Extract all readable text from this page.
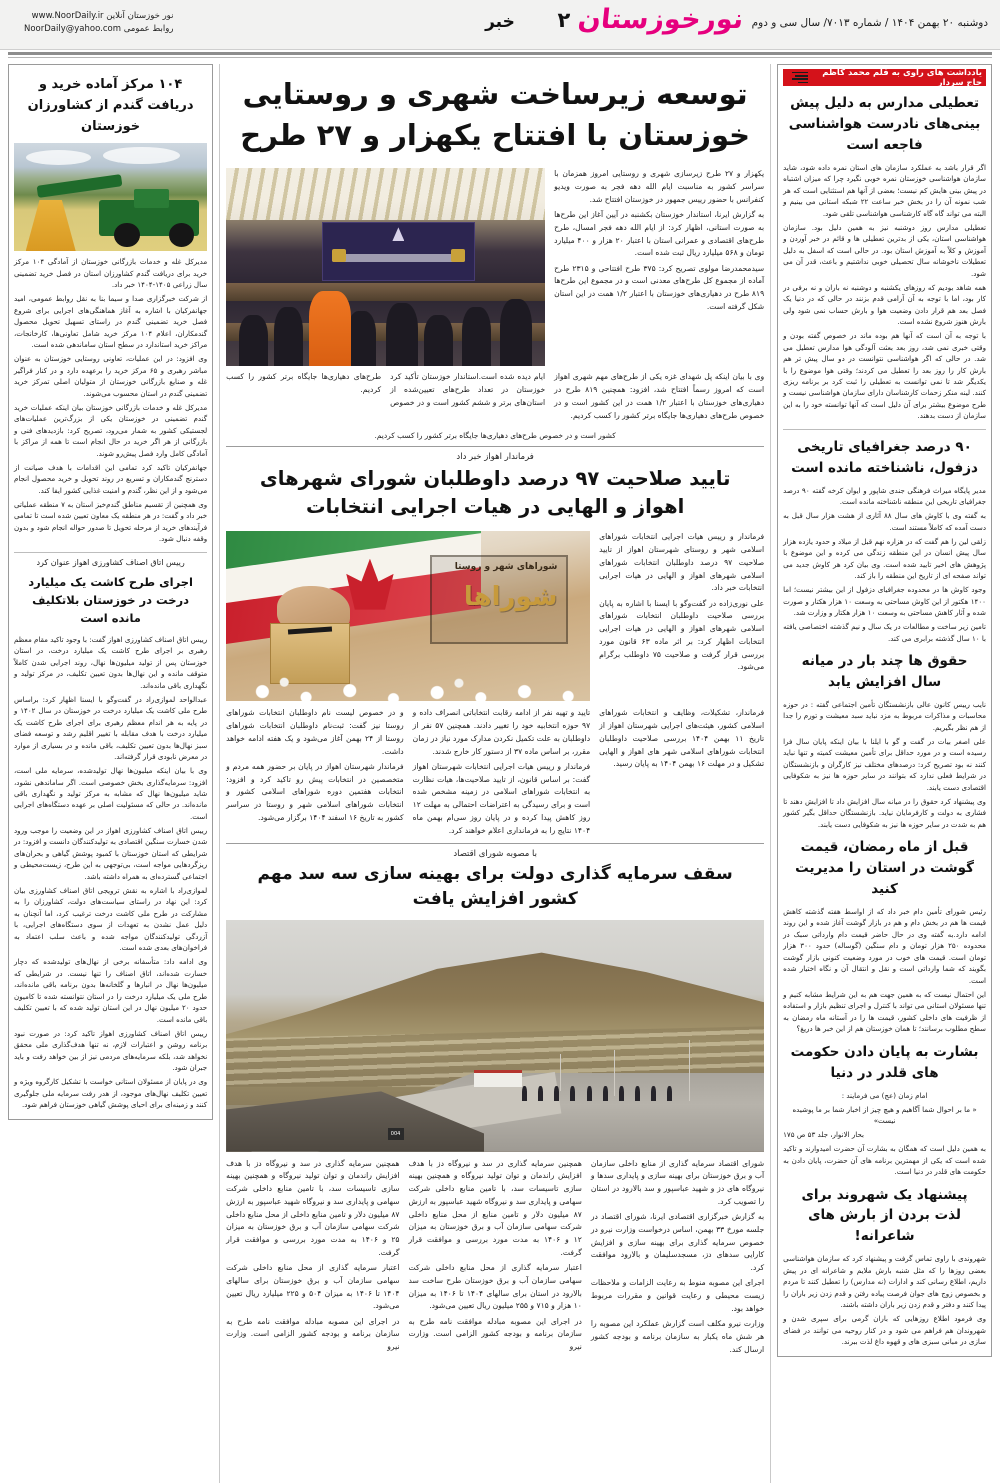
نور خوزستان آنلاین www.NoorDaily.ir
روابط عمومی NoorDaily@yahoo.com	خبر	دوشنبه ۲۰ بهمن ۱۴۰۴ / شماره ۷۰۱۳/ سال سی و دوم
نورخوزستان
۲
یادداشت های راوی به قلم محمد کاظم حاج سردار
تعطیلی مدارس به دلیل پیش بینی‌های نادرست هواشناسی فاجعه است

اگر قرار باشد به عملکرد سازمان های استان نمره داده شود، شاید سازمان هواشناسی خوزستان نمره خوبی نگیرد چرا که میزان اشتباه در پیش بینی هایش کم نیست؛ بعضی از آنها هم استثنایی است که هر شب نمونه آن را در بخش خبر ساعت ۲۲ شبکه استانی می بینیم و البته می تواند گاه گاه کارشناسی هواشناسی تلقی شود.

تعطیلی مدارس روز دوشنبه نیز به همین دلیل بود. سازمان هواشناسی استان، یکی از بدترین تعطیلی ها و قائم در خبر آوردن و آموزش و کلاً به آموزش استان بود. در حالی است که اسفل به دلیل تعطیلات ناخوشانه سال تحصیلی خوبی نداشتیم و باعث، قدر آن می شود.

همه شاهد بودیم که روزهای یکشنبه و دوشنبه نه باران و نه برفی در کار بود، اما با توجه به آن آرامی قدم بزنند در حالی که در دنیا یک فصل بعد هم قرار دادن وضعیت هوا و بارش حساب نمی شود ولی بارش هنوز شروع نشده است.

با توجه به آن است که آنها هم بوده ماند در خصوص گفته بودن و وقتی خبری نمی شد، روز بعد بعثت آلودگی هوا مدارس تعطیل می شد. در حالی که اگر هواشناسی نتوانست در دو سال پیش تر هم بارش کار را روز بعد را تعطیل می کردند؛ وقتی هوا موضوع را با یکدیگر شد تا نمی توانست به تعطیلی را ثبت کرد بر برنامه ریزی کنند. لینه منکر زحمات کارشناسان دارای سازمان هواشناسی نیست و طرح موضوع بیشتر برای آن دلیل است که آنها توانسته خود را به این سازمان از دست بدهند.

۹۰ درصد جغرافیای تاریخی دزفول، ناشناخته مانده است

مدیر پایگاه میراث فرهنگی جندی شاپور و ایوان کرخه گفته ۹۰ درصد جغرافیای تاریخی این منطقه ناشناخته مانده است.

به گفته وی با کاوش های سال ۸۸ آثاری از هشت هزار سال قبل به دست آمده که کاملاً مستند است.

زلقی لین را هم گفت که در هزاره نهم قبل از میلاد و حدود یازده هزار سال پیش انسان در این منطقه زندگی می کرده و این موضوع با پژوهش های اخیر تایید شده است. وی بیان کرد هر کاوش جدید می تواند صفحه ای از تاریخ این منطقه را باز کند.

وجود کاوش ها در محدوده جغرافیای دزفول از این بیشتر نیست؛ اما ۱۴۰۰ هکتور از این کاوش مساحتی به وسعت ۱۰ هزار هکتار و صورت شده و آثار کاهش مساحتی به وسعت ۱۰ هزار هکتار و وزارت شد.

تامین زیر ساخت و مطالعات در یک سال و نیم گذشته اختصاصی یافته با ۱۰ سال گذشته برابری می کند.

حقوق ها چند بار در میانه سال افزایش یابد

نایب رییس کانون عالی بازنشستگان تأمین اجتماعی گفته : در حوزه محاسبات و مذاکرات مربوط به مزد نباید سبد معیشت و تورم را جدا از هم نظر بگیریم.

علی اصغر بیات در گفت و گو با ایلنا با بیان اینکه پایان سال فرا رسیده است و در مورد حداقل برای تأمین معیشت کمیته و تنها نباید کنند نه بود تصریح کرد: درصدهای مختلف نیز کارگران و بازنشستگان در شرایط فعلی ندارد که بتوانند در سایر حوزه ها نیز به شکوفایی اقتصادی دست یابند.

وی پیشنهاد کرد حقوق را در میانه سال افزایش داد تا افزایش دهند تا فشاری به دولت و کارفرمایان نیاید. بازنشستگان حداقل بگیر کشور هم به شدت در سایر حوزه ها نیز به شکوفایی دست یابند.

قبل از ماه رمضان، قیمت گوشت در استان را مدیریت کنید

رئیس شورای تأمین دام خبر داد که از اواسط هفته گذشته کاهش قیمت ها هم در بخش دام و هم در بازار گوشت آغاز شده و این روند ادامه دارد.به گفته وی در حال حاضر قیمت دام وارداتی سبک در محدوده ۲۵۰ هزار تومان و دام سنگین (گوساله) حدود ۳۰۰ هزار تومان است. قیمت های خوب در مورد وضعیت کنونی بازار گوشت بگویند که شما وارداتی است و نقل و انتقال آن و نگاه اختیار شده است.

این احتمال نیست که به همین جهت هم به این شرایط مشابه کنیم و تنها مسئولان استانی می تواند با کنترل و اجرای تنظیم بازار و استفاده از ظرفیت های داخلی کشور، قیمت ها را در آستانه ماه رمضان به سطح مطلوب برسانند؛ تا همان خوزستان هم از این خبر ها دریغ؟

بشارت به پایان دادن حکومت های قلدر در دنیا

امام زمان (عج) می فرمایند :

« ما بر احوال شما آگاهیم و هیچ چیز از اخبار شما بر ما پوشیده نیست»

بحار الانوار، جلد ۵۳ ص ۱۷۵

به همین دلیل است که همگان به بشارت آن حضرت امیدوارند و تاکید شده است که یکی از مهمترین برنامه های آن حضرت، پایان دادن به حکومت های قلدر در دنیا است.

پیشنهاد یک شهروند برای لذت بردن از بارش های شاعرانه!

شهروندی با راوی تماس گرفت و پیشنهاد کرد که سازمان هواشناسی بعضی روزها را که مثل شنبه بارش ملایم و شاعرانه ای در پیش داریم، اطلاع رسانی کند و ادارات (نه مدارس) را تعطیل کنند تا مردم و بخصوص زوج های جوان فرصت پیاده رفتن و قدم زدن زیر باران را پیدا کنند و دفتر و قدم زدن زیر باران داشته باشند.

وی فرمود اطلاع روزهایی که باران گرمی برای سپری شدن و شهروندان هم فراهم می شود و در کنار روحیه می توانند در فضای سازی در مبانی سبزی های و قهوه داغ لذت ببرند.

توسعه زیرساخت شهری و روستایی خوزستان با افتتاح یکهزار و ۲۷ طرح

یکهزار و ۲۷ طرح زیرسازی شهری و روستایی امروز همزمان با سراسر کشور به مناسبت ایام الله دهه فجر به صورت ویدیو کنفرانس با حضور رییس جمهور در خوزستان افتتاح شد.

به گزارش ایرنا، استاندار خوزستان بکشنبه در آیین آغاز این طرح‌ها به صورت استانی، اظهار کرد: از ایام الله دهه فجر امسال، طرح طرح‌های اقتصادی و عمرانی استان با اعتبار ۲۰ هزار و ۴۰۰ میلیارد تومان و ۵۶۸ میلیارد ریال ثبت شده است.

سیدمحمدرضا مولوی تصریح کرد: ۳۷۵ طرح افتتاحی و ۲۳۱۵ طرح آماده از مجموع کل طرح‌های معدنی است و در مجموع این طرح‌ها ۸۱۹ طرح در دهیاری‌های خوزستان با اعتبار ۱/۲ همت در این استان شکل گرفته است.

وی با بیان اینکه پل شهدای غزه یکی از طرح‌های مهم شهری اهواز است که امروز رسماً افتتاح شد، افزود: همچنین ۸۱۹ طرح در دهیاری‌های خوزستان با اعتبار ۱/۲ همت در این کشور است و در خصوص طرح‌های دهیاری‌ها جایگاه برتر کشور را کسب کردیم.

ایام دیده شده است.استاندار خوزستان تأکید کرد خوزستان در تعداد طرح‌های تعیین‌شده از استان‌های برتر و ششم کشور است و در خصوص طرح‌های دهیاری‌ها جایگاه برتر کشور را کسب کردیم.

کشور است و در خصوص طرح‌های دهیاری‌ها جایگاه برتر کشور را کسب کردیم.
فرماندار اهواز خبر داد
تایید صلاحیت ۹۷ درصد داوطلبان شورای شهرهای اهواز و الهایی در هیات اجرایی انتخابات

فرماندار و رییس هیات اجرایی انتخابات شوراهای اسلامی شهر و روستای شهرستان اهواز از تایید صلاحیت ۹۷ درصد داوطلبان انتخابات شوراهای اسلامی شهرهای اهواز و الهایی در هیات اجرایی انتخابات خبر داد.

علی نوری‌زاده در گفت‌وگو با ایسنا با اشاره به پایان بررسی صلاحیت داوطلبان انتخابات شوراهای اسلامی شهرهای اهواز و الهایی در هیات اجرایی انتخابات اظهار کرد: بر اثر ماده ۶۳ قانون مورد بررسی قرار گرفت و صلاحیت ۷۵ داوطلب برگرام می‌شود.

شوراهای شهر و روستا
شوراها

فرماندار، تشکیلات، وظایف و انتخابات شوراهای اسلامی کشور، هیئت‌های اجرایی شهرستان اهواز از تاریخ ۱۱ بهمن ۱۴۰۴ بررسی صلاحیت داوطلبان انتخابات شوراهای اسلامی شهر های اهواز و الهایی تشکیل و در مهلت ۱۶ بهمن ۱۴۰۴ به پایان رسید.

تایید و تهیه نفر از ادامه رقابت انتخاباتی انصراف داده و ۹۷ حوزه انتخابیه خود را تغییر دادند. همچنین ۵۷ نفر از داوطلبان به علت تکمیل نکردن مدارک مورد نیاز در زمان مقرر، بر اساس ماده ۳۷ از دستور کار خارج شدند.

فرماندار و رییس هیات اجرایی انتخابات شهرستان اهواز گفت: بر اساس قانون، از تایید صلاحیت‌ها، هیات نظارت به انتخابات شوراهای اسلامی در زمینه مشخص شده است و برای رسیدگی به اعتراضات احتمالی به مهلت ۱۲ روز کاهش پیدا کرده و در پایان روز سی‌ام بهمن ماه ۱۴۰۴ نتایج را به فرمانداری اعلام خواهند کرد.

و در خصوص لیست نام داوطلبان انتخابات شوراهای روستا نیز گفت: ثبت‌نام داوطلبان انتخابات شوراهای روستا از ۲۴ بهمن آغاز می‌شود و یک هفته ادامه خواهد داشت.

فرماندار شهرستان اهواز در پایان بر حضور همه مردم و متخصصین در انتخابات پیش رو تاکید کرد و افزود: انتخابات هفتمین دوره شوراهای اسلامی کشور و انتخابات شوراهای اسلامی شهر و روستا در سراسر کشور به تاریخ ۱۶ اسفند ۱۴۰۴ برگزار می‌شود.

با مصوبه شورای اقتصاد
سقف سرمایه گذاری دولت برای بهینه سازی سه سد مهم کشور افزایش یافت
004

شورای اقتصاد سرمایه گذاری از منابع داخلی سازمان آب و برق خوزستان برای بهینه سازی و پایداری سدها و نیروگاه های دز و شهید عباسپور و سد بالارود در استان را تصویب کرد.

به گزارش خبرگزاری اقتصادی ایرنا، شورای اقتصاد در جلسه مورخ ۳۳ بهمن، اساس درخواست وزارت نیرو در خصوص سرمایه گذاری برای بهینه سازی و افزایش کارایی سدهای دز، مسجدسلیمان و بالارود موافقت کرد.

اجرای این مصوبه منوط به رعایت الزامات و ملاحظات زیست محیطی و رعایت قوانین و مقررات مربوط خواهد بود.

وزارت نیرو مکلف است گزارش عملکرد این مصوبه را هر شش ماه یکبار به سازمان برنامه و بودجه کشور ارسال کند.

همچنین سرمایه گذاری در سد و نیروگاه دز با هدف افزایش راندمان و توان تولید نیروگاه و همچنین بهینه سازی تاسیسات سد، با تامین منابع داخلی شرکت سهامی و پایداری سد و نیروگاه شهید عباسپور به ارزش ۸۷ میلیون دلار و تامین منابع از محل منابع داخلی شرکت سهامی سازمان آب و برق خوزستان به میزان ۱۲ و ۱۴۰۶ به مدت مورد بررسی و موافقت قرار گرفت.

اعتبار سرمایه گذاری از محل منابع داخلی شرکت سهامی سازمان آب و برق خوزستان طرح ساخت سد بالارود در استان برای سالهای ۱۴۰۴ تا ۱۴۰۶ به میزان ۱۰ هزار و ۷۱۵ و ۲۵۵ میلیون ریال تعیین می‌شود.

در اجرای این مصوبه مبادله موافقت نامه طرح به سازمان برنامه و بودجه کشور الزامی است. وزارت نیرو

همچنین سرمایه گذاری در سد و نیروگاه دز با هدف افزایش راندمان و توان تولید نیروگاه و همچنین بهینه سازی تاسیسات سد، با تامین منابع داخلی شرکت سهامی و پایداری سد و نیروگاه شهید عباسپور به ارزش ۸۷ میلیون دلار و تامین منابع داخلی از محل منابع داخلی شرکت سهامی سازمان آب و برق خوزستان به میزان ۲۵ و ۱۴۰۶ به مدت مورد بررسی و موافقت قرار گرفت.

اعتبار سرمایه گذاری از محل منابع داخلی شرکت سهامی سازمان آب و برق خوزستان برای سالهای ۱۴۰۴ تا ۱۴۰۶ به میزان ۵۰۴ و ۲۲۵ میلیارد ریال تعیین می‌شود.

در اجرای این مصوبه مبادله موافقت نامه طرح به سازمان برنامه و بودجه کشور الزامی است. وزارت نیرو

۱۰۴ مرکز آماده خرید و دریافت گندم از کشاورزان خوزستان

مدیرکل غله و خدمات بازرگانی خوزستان از آمادگی ۱۰۴ مرکز خرید برای دریافت گندم کشاورزان استان در فصل خرید تضمینی سال زراعی ۱۴۰۵-۱۴۰۴ خبر داد.

از شرکت خبرگزاری صدا و سیما بنا به نقل روابط عمومی، امید جهانفرکیان با اشاره به آغاز هماهنگی‌های اجرایی برای شروع فصل خرید تضمینی گندم در راستای تسهیل تحویل محصول گندمکاران، اعلام ۱۰۴ مرکز خرید شامل تعاونی‌ها، کارخانجات، مراکز خرید استاندارد در سطح استان ساماندهی شده است.

وی افزود: در این عملیات، تعاونی روستایی خوزستان به عنوان مباشر رهبری و ۶۵ مرکز خرید را برعهده دارد و در کنار فراگیر غله و صنایع بازرگانی خوزستان از متولیان اصلی تمرکز خرید تضمینی گندم در استان محسوب می‌شوند.

مدیرکل غله و خدمات بازرگانی خوزستان بیان اینکه عملیات خرید گندم تضمینی در خوزستان یکی از بزرگ‌ترین عملیات‌های لجستیکی کشور به شمار می‌رود، تصریح کرد: بازدیدهای فنی و بازرگانی از هر اگر خرید در حال انجام است تا همه از مراکز با آمادگی کامل وارد فصل پیش‌رو شوند.

جهانفرکیان تاکید کرد تمامی این اقدامات با هدف صیانت از دسترنج گندمکاران و تسریع در روند تحویل و خرید محصول انجام می‌شود و از این نظر، گندم و امنیت غذایی کشور ایفا کند.

وی همچنین از تقسیم مناطق گندم‌خیز استان به ۷ منطقه عملیاتی خبر داد و گفت: در هر منطقه یک معاون تعیین شده است تا تمامی فرآیندهای خرید از مرحله تحویل تا صدور حواله انجام شود و بدون وقفه دنبال شود.

رییس اتاق اصناف کشاورزی اهواز عنوان کرد
اجرای طرح کاشت یک میلیارد درخت در خوزستان بلاتکلیف مانده است

رییس اتاق اصناف کشاورزی اهواز گفت: با وجود تاکید مقام معظم رهبری بر اجرای طرح کاشت یک میلیارد درخت، در استان خوزستان پس از تولید میلیون‌ها نهال، روند اجرایی شدن کاملاً متوقف مانده و این نهال‌ها بدون تعیین تکلیف، در مرکز تولید و نگهداری باقی مانده‌اند.

عبدالواحد لموازی‌راد در گفت‌وگو با ایسنا اظهار کرد: براساس طرح ملی کاشت یک میلیارد درخت در خوزستان در سال ۱۴۰۲ و در پایه به هر اندام معظم رهبری برای اجرای طرح کاشت یک میلیارد درخت با هدف مقابله با تغییر اقلیم رشد و توسعه فضای سبز نهال‌ها بدون تعیین تکلیف، باقی مانده و در بسیاری از موارد در معرض نابودی قرار گرفته‌اند.

وی با بیان اینکه میلیون‌ها نهال تولیدشده، سرمایه ملی است، افزود: سرمایه‌گذاری بخش خصوصی است. اگر ساماندهی نشود، شاید میلیون‌ها نهال که مشابه به مرکز تولید و نگهداری باقی‌ مانده‌اند. در حالی که مسئولیت اصلی بر عهده دستگاه‌های اجرایی است.

رییس اتاق اصناف کشاورزی اهواز در این وضعیت را موجب ورود شدن خسارت سنگین اقتصادی به تولیدکنندگان دانست و افزود: در شرایطی که استان خوزستان با کمبود پوشش گیاهی و بحران‌های ریزگردهایی مواجه است، بی‌توجهی به این طرح، زیست‌محیطی و اجتماعی گسترده‌ای به همراه داشته باشد.

لموازی‌راد با اشاره به نقش ترویجی اتاق اصناف کشاورزی بیان کرد: این نهاد در راستای سیاست‌های دولت، کشاورزان را به مشارکت در طرح ملی کاشت درخت ترغیب کرد، اما آنچنان به دلیل عمل نشدن به تعهدات از سوی دستگاه‌های اجرایی، با آزردگی تولیدکنندگان مواجه شده و باعث سلب اعتماد به فراخوان‌های بعدی شده است.

وی ادامه داد: متأسفانه برخی از نهال‌های تولیدشده که دچار خسارت شده‌اند، اتاق اصناف را تنها نیست. در شرایطی که میلیون‌ها نهال در انبارها و گلخانه‌ها بدون برنامه باقی مانده‌اند، طرح ملی یک میلیارد درخت را در استان نتوانسته شده تا کامیون حدود ۲۰ میلیون نهال در این استان تولید شده که با تعیین تکلیف باقی مانده است.

رییس اتاق اصناف کشاورزی اهواز تاکید کرد: در صورت نبود برنامه روشن و اعتبارات لازم، نه تنها هدف‌گذاری ملی محقق نخواهد شد، بلکه سرمایه‌های مردمی نیز از بین خواهد رفت و باید جبران شود.

وی در پایان از مسئولان استانی خواست با تشکیل کارگروه ویژه و تعیین تکلیف نهال‌های موجود، از هدر رفت سرمایه ملی جلوگیری کنند و زمینه‌ای برای احیای پوشش گیاهی خوزستان فراهم شود.
